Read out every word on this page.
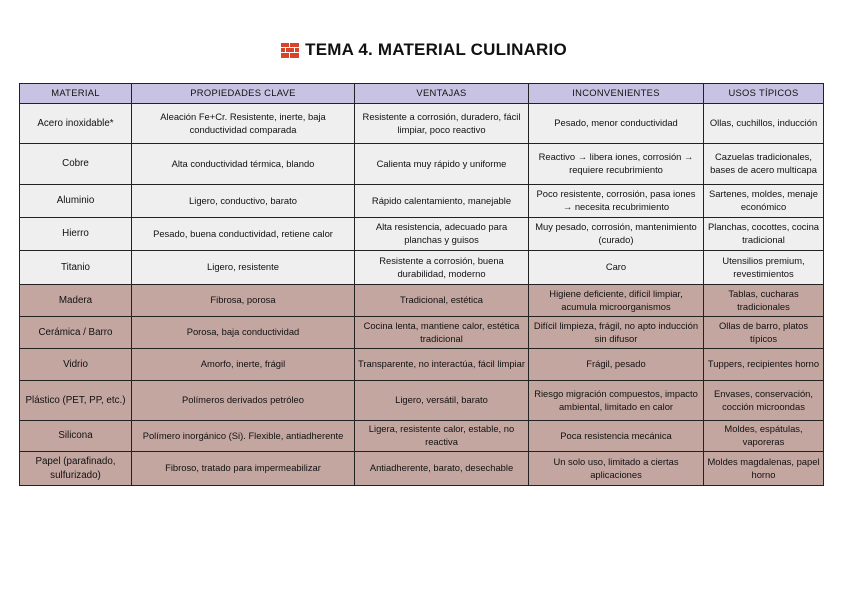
TEMA 4. MATERIAL CULINARIO
MATERIAL	PROPIEDADES CLAVE	VENTAJAS	INCONVENIENTES	USOS TÍPICOS
Acero inoxidable*	Aleación Fe+Cr. Resistente, inerte, baja conductividad comparada	Resistente a corrosión, duradero, fácil limpiar, poco reactivo	Pesado, menor conductividad	Ollas, cuchillos, inducción
Cobre	Alta conductividad térmica, blando	Calienta muy rápido y uniforme	Reactivo → libera iones, corrosión → requiere recubrimiento	Cazuelas tradicionales, bases de acero multicapa
Aluminio	Ligero, conductivo, barato	Rápido calentamiento, manejable	Poco resistente, corrosión, pasa iones → necesita recubrimiento	Sartenes, moldes, menaje económico
Hierro	Pesado, buena conductividad, retiene calor	Alta resistencia, adecuado para planchas y guisos	Muy pesado, corrosión, mantenimiento (curado)	Planchas, cocottes, cocina tradicional
Titanio	Ligero, resistente	Resistente a corrosión, buena durabilidad, moderno	Caro	Utensilios premium, revestimientos
Madera	Fibrosa, porosa	Tradicional, estética	Higiene deficiente, difícil limpiar, acumula microorganismos	Tablas, cucharas tradicionales
Cerámica / Barro	Porosa, baja conductividad	Cocina lenta, mantiene calor, estética tradicional	Difícil limpieza, frágil, no apto inducción sin difusor	Ollas de barro, platos típicos
Vidrio	Amorfo, inerte, frágil	Transparente, no interactúa, fácil limpiar	Frágil, pesado	Tuppers, recipientes horno
Plástico (PET, PP, etc.)	Polímeros derivados petróleo	Ligero, versátil, barato	Riesgo migración compuestos, impacto ambiental, limitado en calor	Envases, conservación, cocción microondas
Silicona	Polímero inorgánico (Si). Flexible, antiadherente	Ligera, resistente calor, estable, no reactiva	Poca resistencia mecánica	Moldes, espátulas, vaporeras
Papel (parafinado, sulfurizado)	Fibroso, tratado para impermeabilizar	Antiadherente, barato, desechable	Un solo uso, limitado a ciertas aplicaciones	Moldes magdalenas, papel horno
